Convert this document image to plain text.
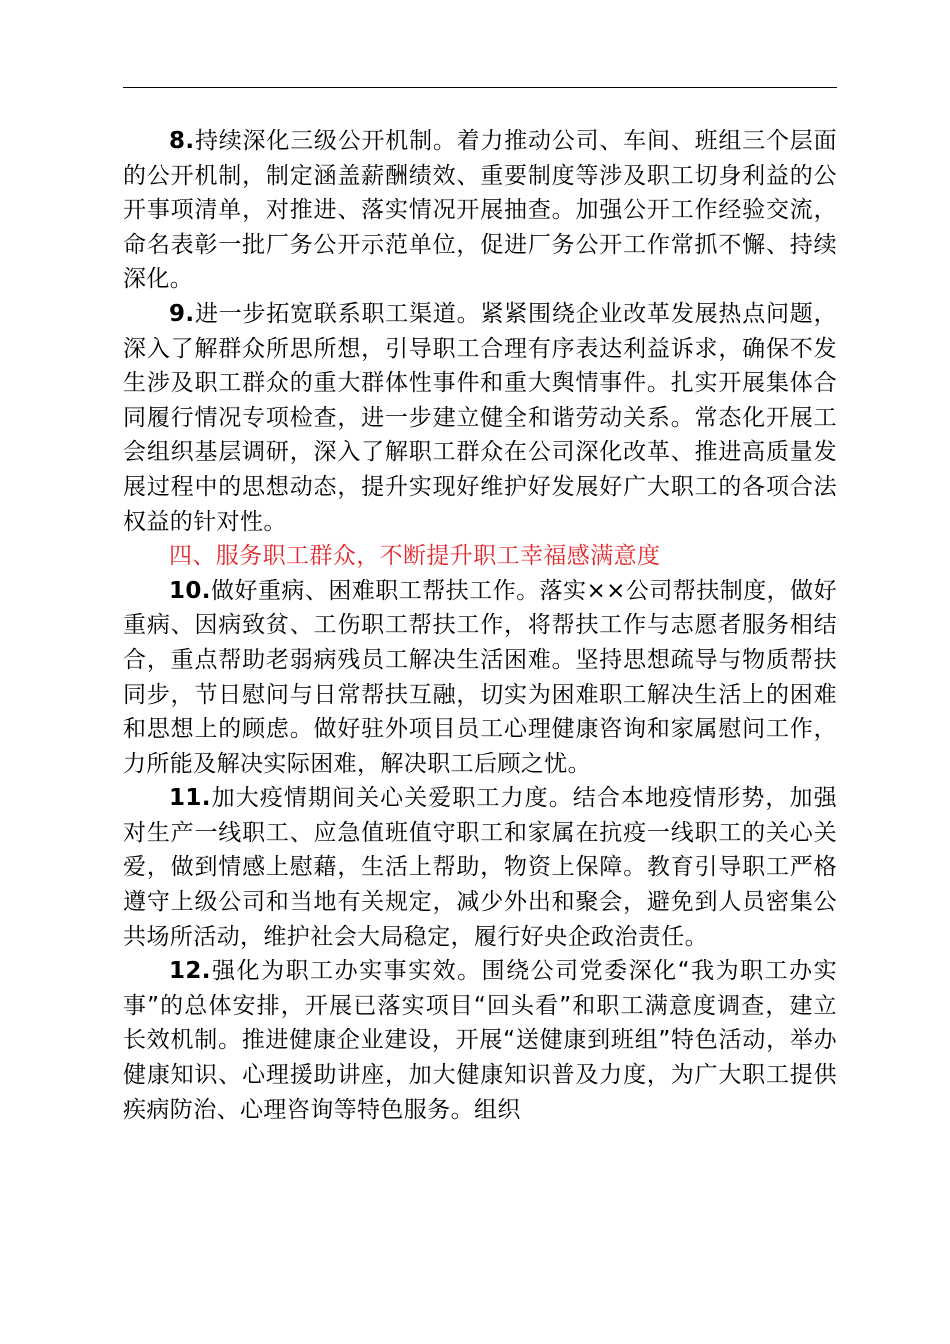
8.持续深化三级公开机制。着力推动公司、车间、班组三个层面的公开机制，制定涵盖薪酬绩效、重要制度等涉及职工切身利益的公开事项清单，对推进、落实情况开展抽查。加强公开工作经验交流，命名表彰一批厂务公开示范单位，促进厂务公开工作常抓不懈、持续深化。

9.进一步拓宽联系职工渠道。紧紧围绕企业改革发展热点问题，深入了解群众所思所想，引导职工合理有序表达利益诉求，确保不发生涉及职工群众的重大群体性事件和重大舆情事件。扎实开展集体合同履行情况专项检查，进一步建立健全和谐劳动关系。常态化开展工会组织基层调研，深入了解职工群众在公司深化改革、推进高质量发展过程中的思想动态，提升实现好维护好发展好广大职工的各项合法权益的针对性。

四、服务职工群众，不断提升职工幸福感满意度

10.做好重病、困难职工帮扶工作。落实××公司帮扶制度，做好重病、因病致贫、工伤职工帮扶工作，将帮扶工作与志愿者服务相结合，重点帮助老弱病残员工解决生活困难。坚持思想疏导与物质帮扶同步，节日慰问与日常帮扶互融，切实为困难职工解决生活上的困难和思想上的顾虑。做好驻外项目员工心理健康咨询和家属慰问工作，力所能及解决实际困难，解决职工后顾之忧。

11.加大疫情期间关心关爱职工力度。结合本地疫情形势，加强对生产一线职工、应急值班值守职工和家属在抗疫一线职工的关心关爱，做到情感上慰藉，生活上帮助，物资上保障。教育引导职工严格遵守上级公司和当地有关规定，减少外出和聚会，避免到人员密集公共场所活动，维护社会大局稳定，履行好央企政治责任。

12.强化为职工办实事实效。围绕公司党委深化“我为职工办实事”的总体安排，开展已落实项目“回头看”和职工满意度调查，建立长效机制。推进健康企业建设，开展“送健康到班组”特色活动，举办健康知识、心理援助讲座，加大健康知识普及力度，为广大职工提供疾病防治、心理咨询等特色服务。组织
